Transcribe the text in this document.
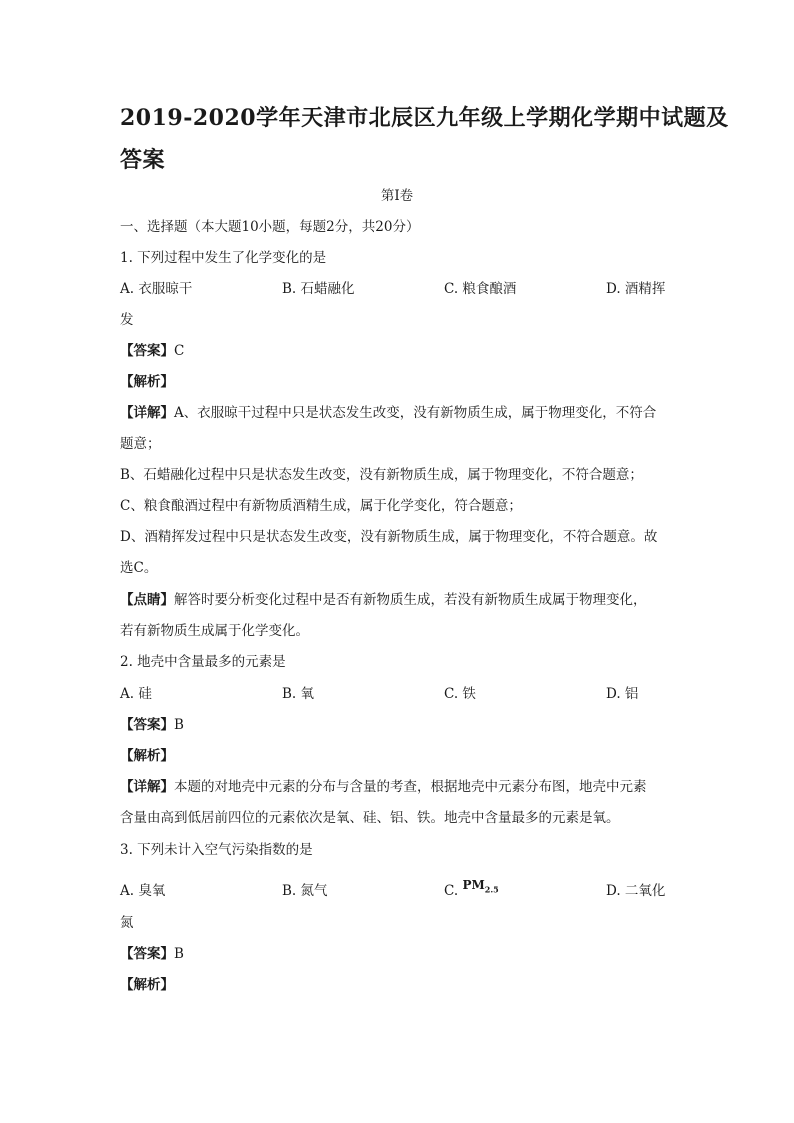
2019-2020学年天津市北辰区九年级上学期化学期中试题及
答案
第Ⅰ卷
一、选择题（本大题10小题，每题2分，共20分）
1. 下列过程中发生了化学变化的是
A. 衣服晾干	B. 石蜡融化	C. 粮食酿酒	D. 酒精挥
发
【答案】C
【解析】
【详解】A、衣服晾干过程中只是状态发生改变，没有新物质生成，属于物理变化，不符合
题意；
B、石蜡融化过程中只是状态发生改变，没有新物质生成，属于物理变化，不符合题意；
C、粮食酿酒过程中有新物质酒精生成，属于化学变化，符合题意；
D、酒精挥发过程中只是状态发生改变，没有新物质生成，属于物理变化，不符合题意。故
选C。
【点睛】解答时要分析变化过程中是否有新物质生成，若没有新物质生成属于物理变化，
若有新物质生成属于化学变化。
2. 地壳中含量最多的元素是
A. 硅	B. 氧	C. 铁	D. 铝
【答案】B
【解析】
【详解】本题的对地壳中元素的分布与含量的考查，根据地壳中元素分布图，地壳中元素
含量由高到低居前四位的元素依次是氧、硅、铝、铁。地壳中含量最多的元素是氧。
3. 下列未计入空气污染指数的是
A. 臭氧	B. 氮气	C. $PM_{2.5}$	D. 二氧化
氮
【答案】B
【解析】
